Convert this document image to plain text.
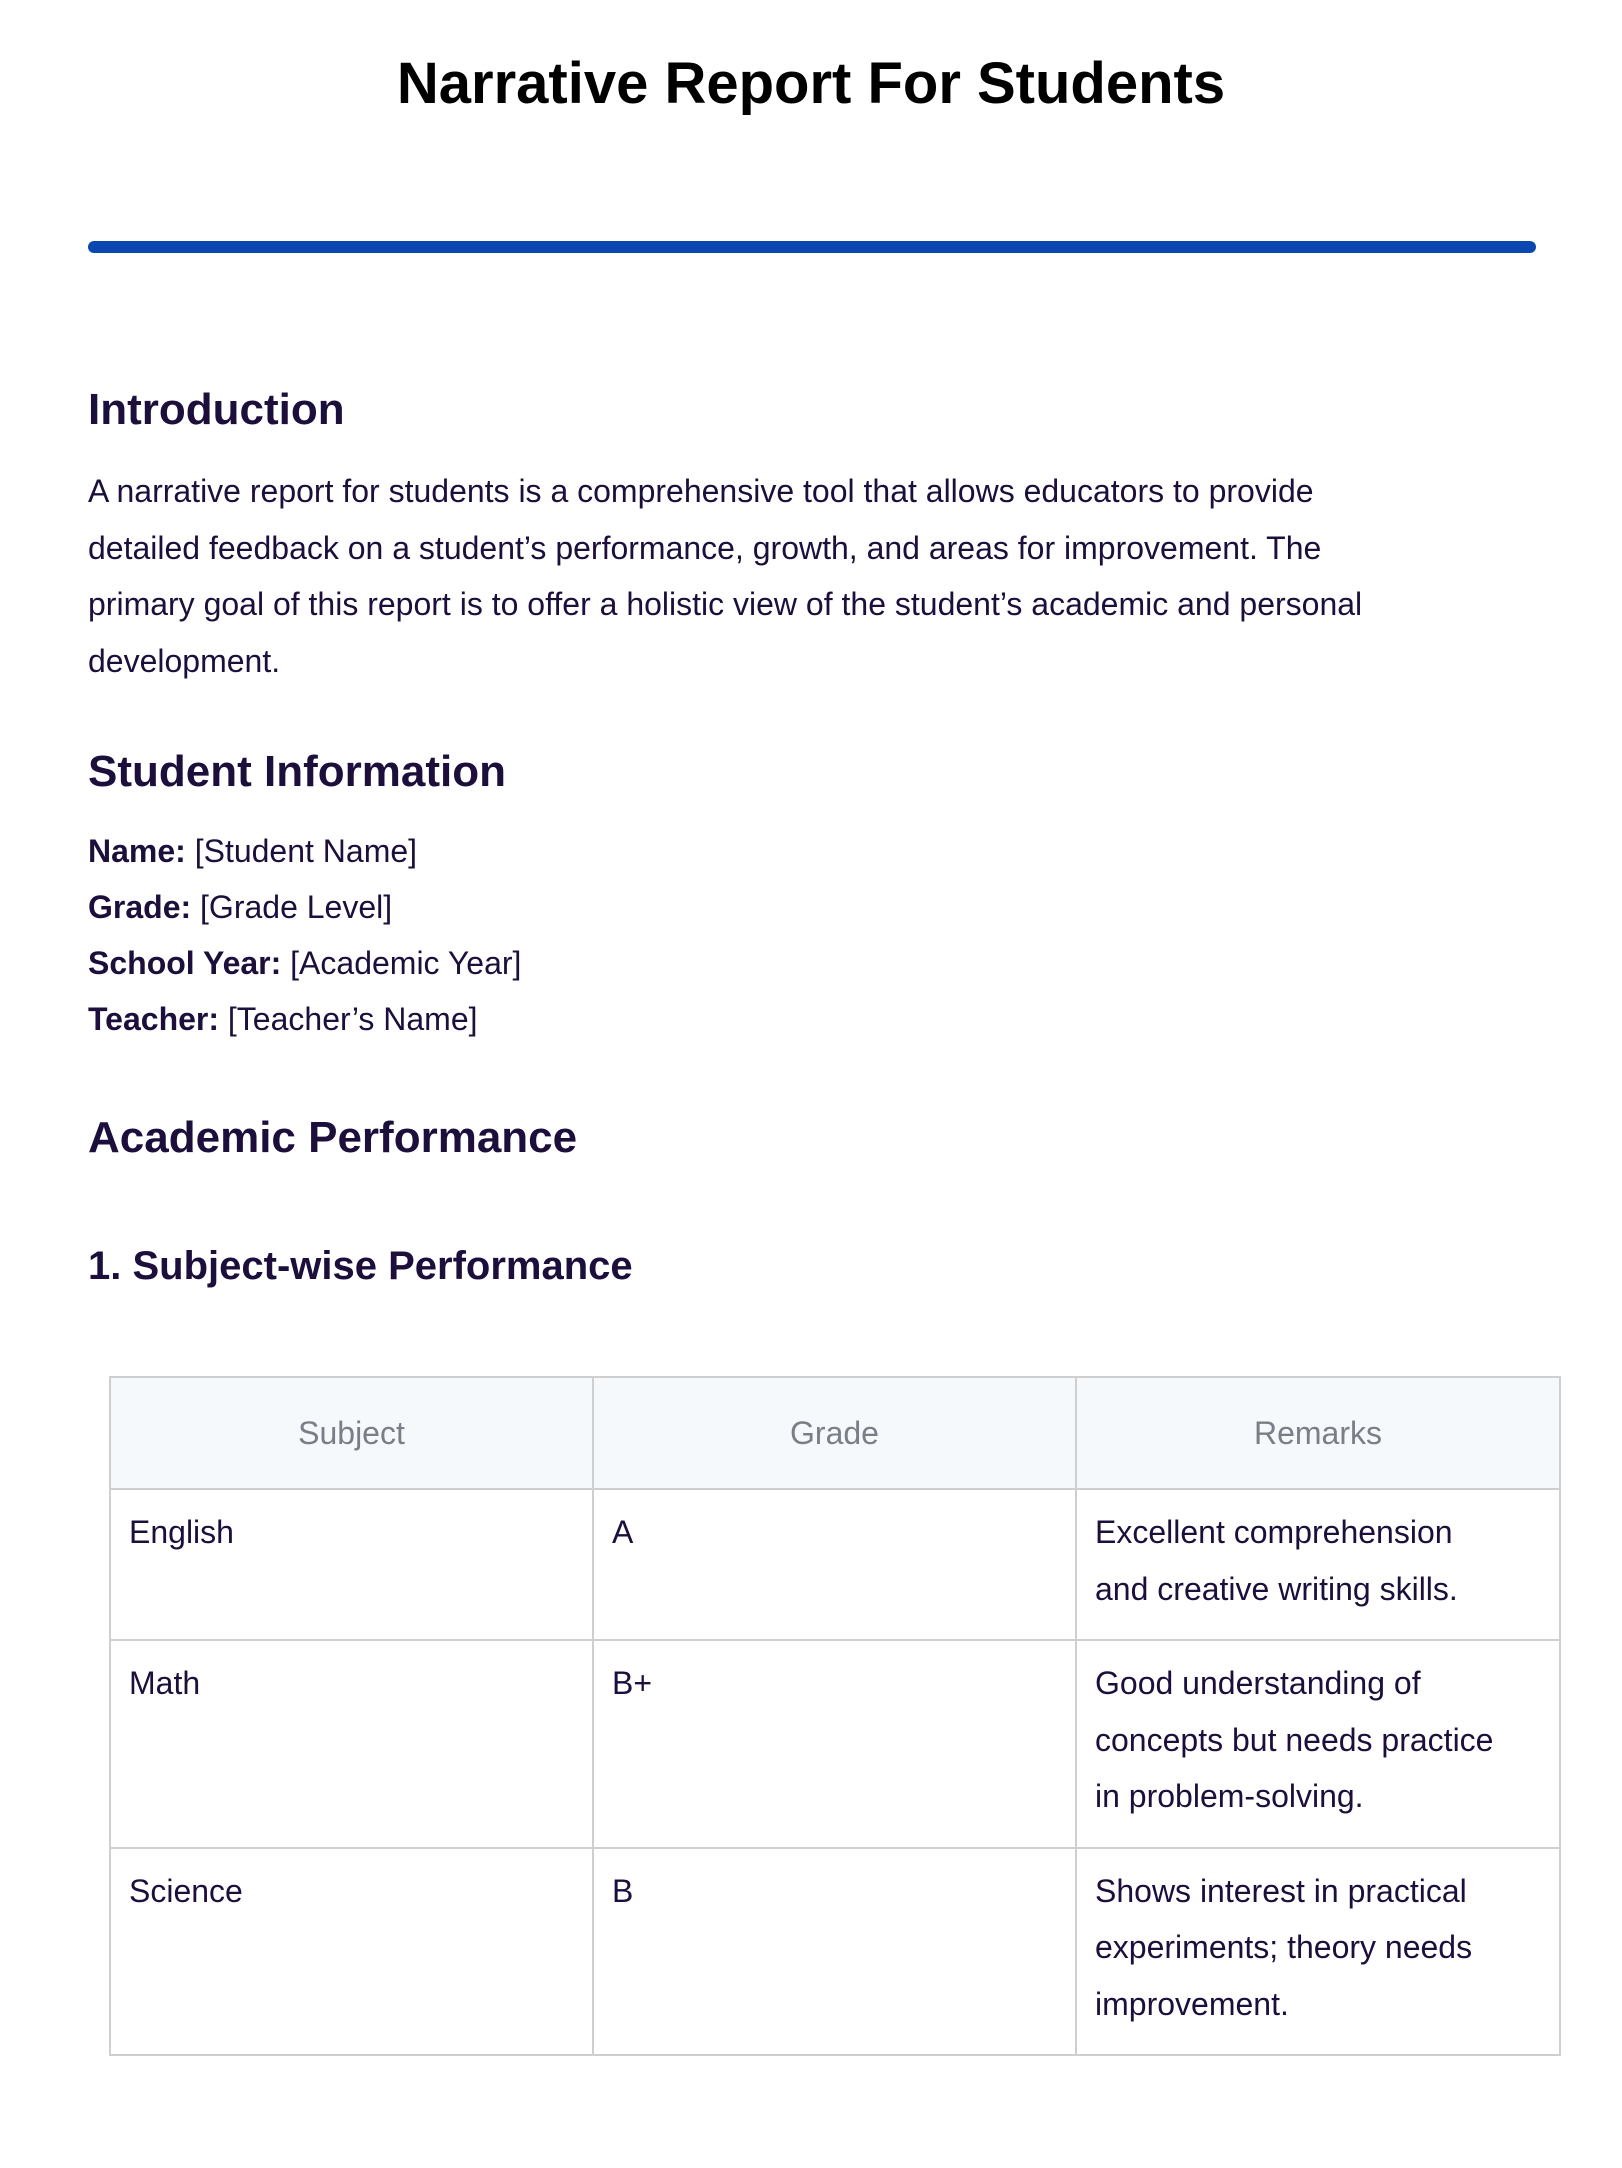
Narrative Report For Students
Introduction

A narrative report for students is a comprehensive tool that allows educators to provide

detailed feedback on a student’s performance, growth, and areas for improvement. The

primary goal of this report is to offer a holistic view of the student’s academic and personal

development.

Student Information

Name: [Student Name]

Grade: [Grade Level]

School Year: [Academic Year]

Teacher: [Teacher’s Name]

Academic Performance
1. Subject-wise Performance
Subject	Grade	Remarks
English	A	Excellent comprehension
and creative writing skills.

Math	B+	Good understanding of
concepts but needs practice
in problem-solving.

Science	B	Shows interest in practical
experiments; theory needs
improvement.
